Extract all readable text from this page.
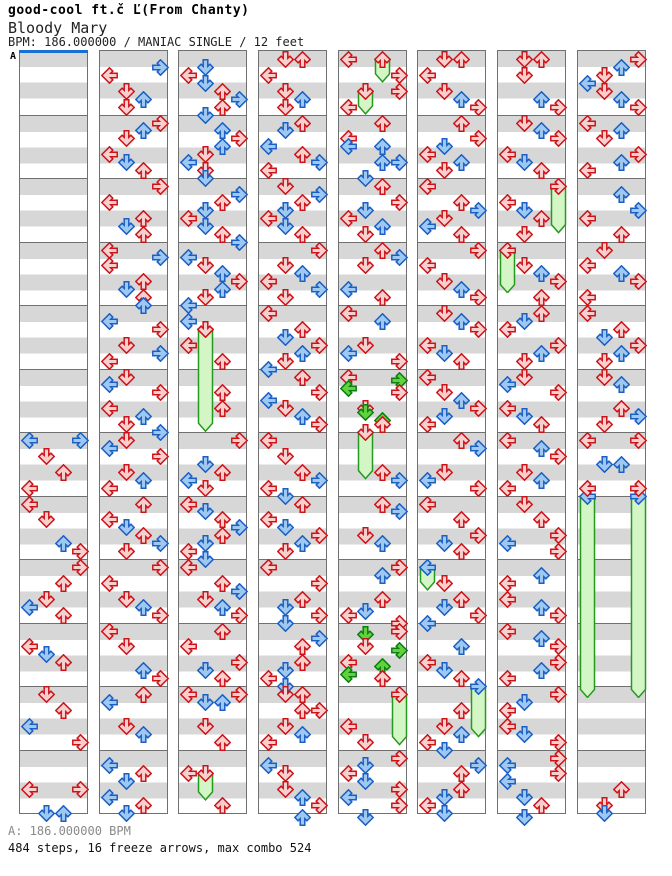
good-cool ft.č Ľ(From Chanty)
Bloody Mary
BPM: 186.000000 / MANIAC SINGLE / 12 feet
A
A: 186.000000 BPM
484 steps, 16 freeze arrows, max combo 524
